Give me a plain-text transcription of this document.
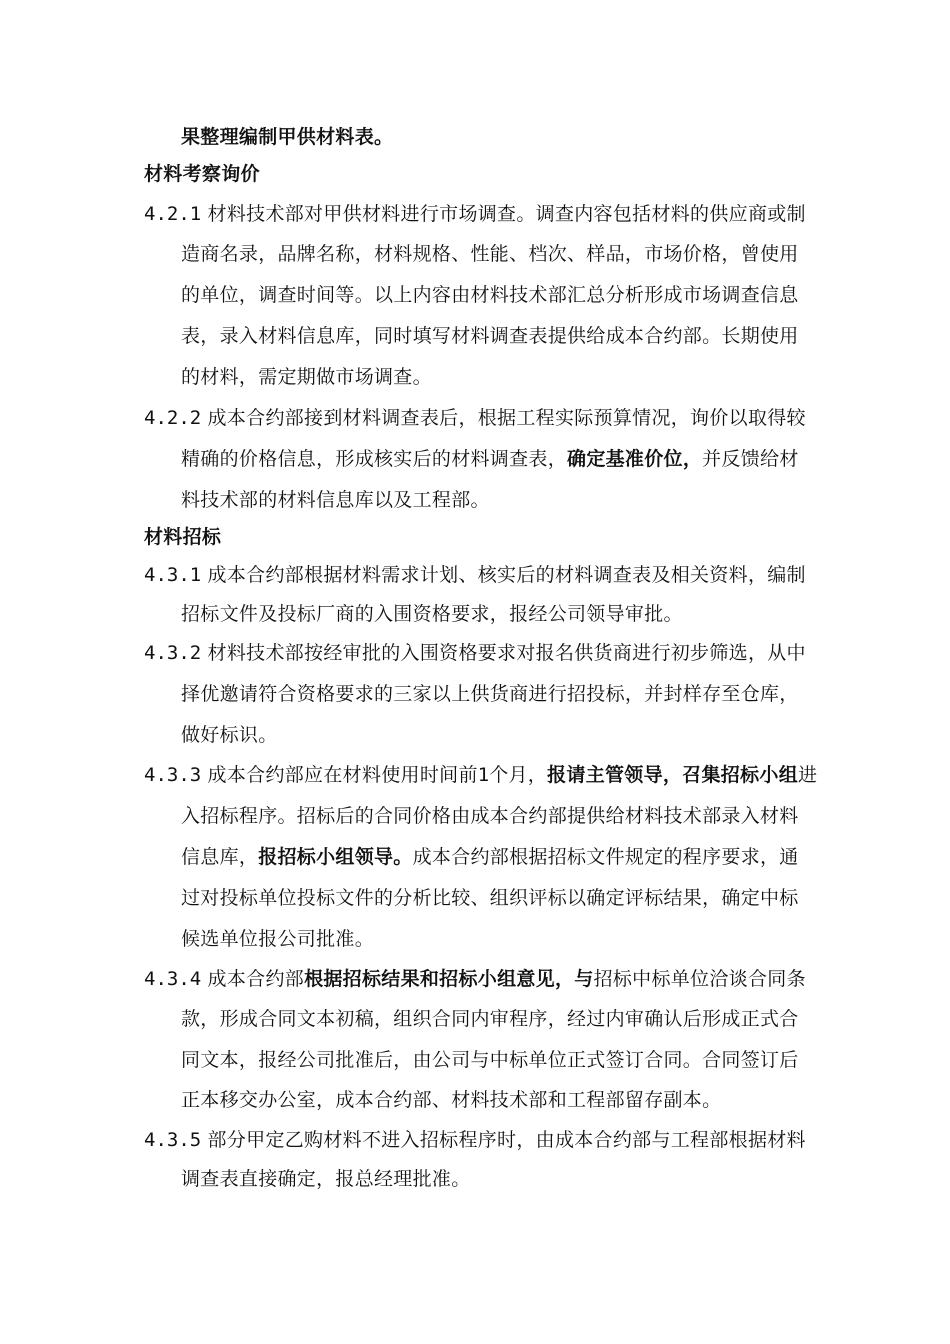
果整理编制甲供材料表。
材料考察询价
4.2.1 材料技术部对甲供材料进行市场调查。调查内容包括材料的供应商或制
造商名录，品牌名称，材料规格、性能、档次、样品，市场价格，曾使用
的单位，调查时间等。以上内容由材料技术部汇总分析形成市场调查信息
表，录入材料信息库，同时填写材料调查表提供给成本合约部。长期使用
的材料，需定期做市场调查。
4.2.2 成本合约部接到材料调查表后，根据工程实际预算情况，询价以取得较
精确的价格信息，形成核实后的材料调查表，确定基准价位，并反馈给材
料技术部的材料信息库以及工程部。
材料招标
4.3.1 成本合约部根据材料需求计划、核实后的材料调查表及相关资料，编制
招标文件及投标厂商的入围资格要求，报经公司领导审批。
4.3.2 材料技术部按经审批的入围资格要求对报名供货商进行初步筛选，从中
择优邀请符合资格要求的三家以上供货商进行招投标，并封样存至仓库，
做好标识。
4.3.3 成本合约部应在材料使用时间前1个月，报请主管领导，召集招标小组进
入招标程序。招标后的合同价格由成本合约部提供给材料技术部录入材料
信息库，报招标小组领导。成本合约部根据招标文件规定的程序要求，通
过对投标单位投标文件的分析比较、组织评标以确定评标结果，确定中标
候选单位报公司批准。
4.3.4 成本合约部根据招标结果和招标小组意见，与招标中标单位洽谈合同条
款，形成合同文本初稿，组织合同内审程序，经过内审确认后形成正式合
同文本，报经公司批准后，由公司与中标单位正式签订合同。合同签订后
正本移交办公室，成本合约部、材料技术部和工程部留存副本。
4.3.5 部分甲定乙购材料不进入招标程序时，由成本合约部与工程部根据材料
调查表直接确定，报总经理批准。
